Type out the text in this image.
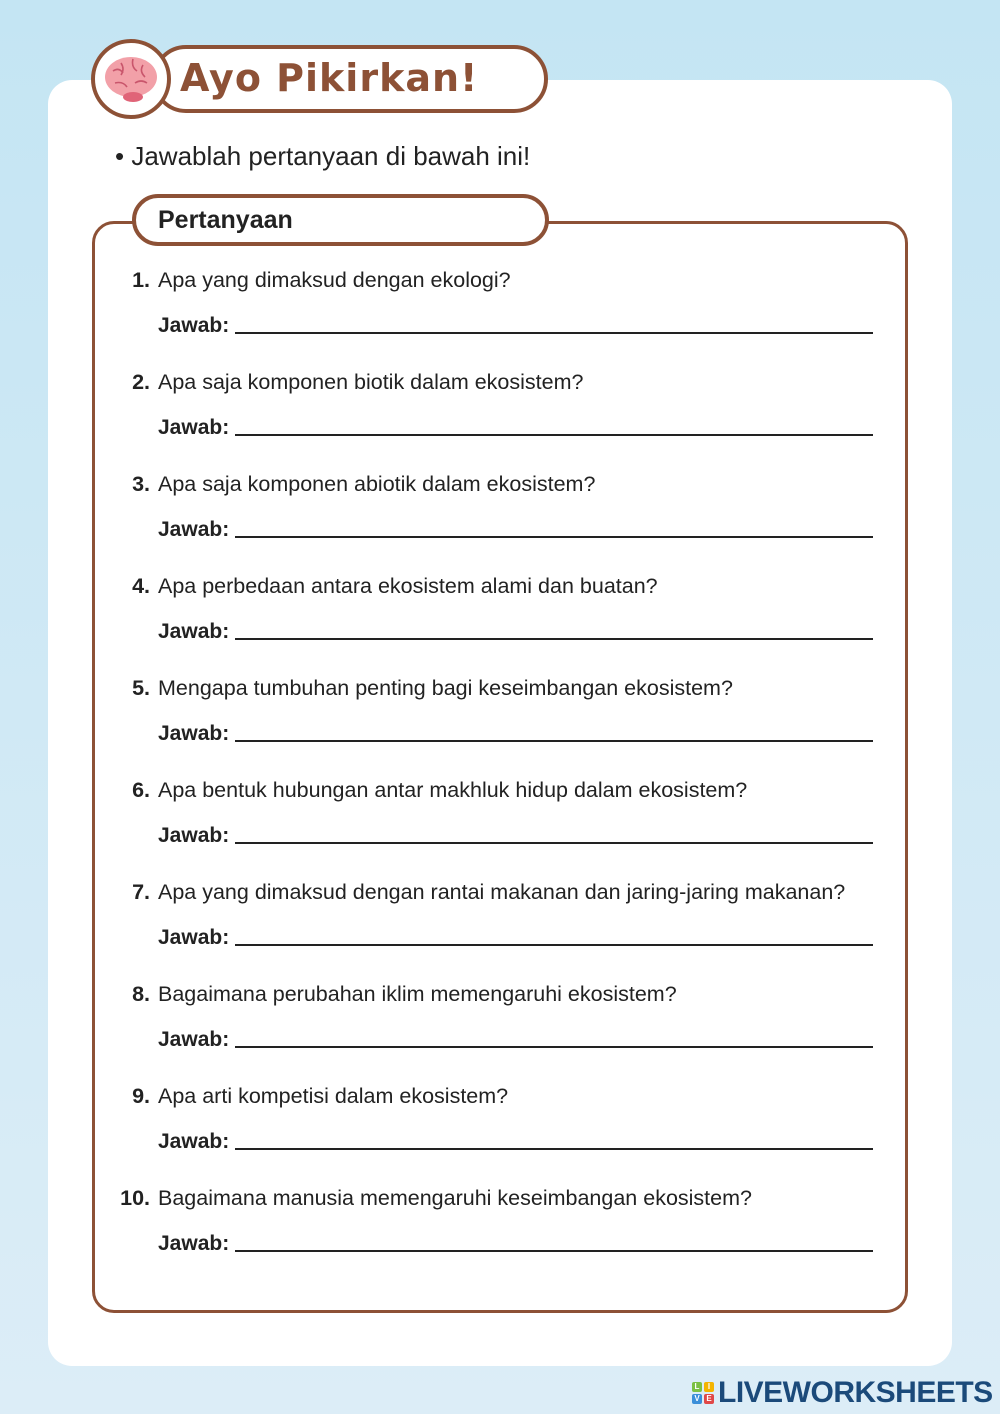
Ayo Pikirkan!
• Jawablah pertanyaan di bawah ini!
Pertanyaan
1. Apa yang dimaksud dengan ekologi?
Jawab:
2. Apa saja komponen biotik dalam ekosistem?
Jawab:
3. Apa saja komponen abiotik dalam ekosistem?
Jawab:
4. Apa perbedaan antara ekosistem alami dan buatan?
Jawab:
5. Mengapa tumbuhan penting bagi keseimbangan ekosistem?
Jawab:
6. Apa bentuk hubungan antar makhluk hidup dalam ekosistem?
Jawab:
7. Apa yang dimaksud dengan rantai makanan dan jaring-jaring makanan?
Jawab:
8. Bagaimana perubahan iklim memengaruhi ekosistem?
Jawab:
9. Apa arti kompetisi dalam ekosistem?
Jawab:
10. Bagaimana manusia memengaruhi keseimbangan ekosistem?
Jawab:
L	I
V E LIVEWORKSHEETS
